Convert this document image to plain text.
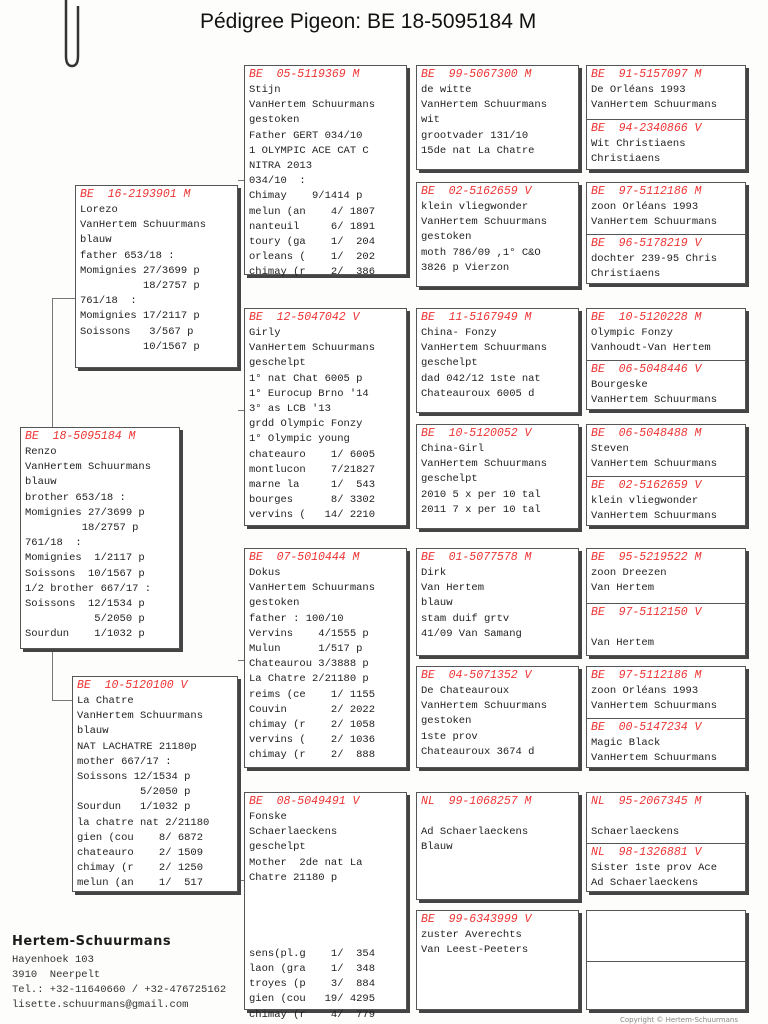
Pédigree Pigeon: BE 18-5095184 M
BE  18-5095184 M
Renzo
VanHertem Schuurmans
blauw
brother 653/18 :
Momignies 27/3699 p
18/2757 p
761/18  :
Momignies  1/2117 p
Soissons  10/1567 p
1/2 brother 667/17 :
Soissons  12/1534 p
5/2050 p
Sourdun    1/1032 p
BE  16-2193901 M
Lorezo
VanHertem Schuurmans
blauw
father 653/18 :
Momignies 27/3699 p
18/2757 p
761/18  :
Momignies 17/2117 p
Soissons   3/567 p
10/1567 p
BE  10-5120100 V
La Chatre
VanHertem Schuurmans
blauw
NAT LACHATRE 21180p
mother 667/17 :
Soissons 12/1534 p
5/2050 p
Sourdun   1/1032 p
la chatre nat 2/21180
gien (cou    8/ 6872
chateauro    2/ 1509
chimay (r    2/ 1250
melun (an    1/  517
BE  05-5119369 M
Stijn
VanHertem Schuurmans
gestoken
Father GERT 034/10
1 OLYMPIC ACE CAT C
NITRA 2013
034/10  :
Chimay    9/1414 p
melun (an    4/ 1807
nanteuil     6/ 1891
toury (ga    1/  204
orleans (    1/  202
chimay (r    2/  386
BE  12-5047042 V
Girly
VanHertem Schuurmans
geschelpt
1° nat Chat 6005 p
1° Eurocup Brno '14
3° as LCB '13
grdd Olympic Fonzy
1° Olympic young
chateauro    1/ 6005
montlucon    7/21827
marne la     1/  543
bourges      8/ 3302
vervins (   14/ 2210
BE  07-5010444 M
Dokus
VanHertem Schuurmans
gestoken
father : 100/10
Vervins    4/1555 p
Mulun      1/517 p
Chateaurou 3/3888 p
La Chatre 2/21180 p
reims (ce    1/ 1155
Couvin       2/ 2022
chimay (r    2/ 1058
vervins (    2/ 1036
chimay (r    2/  888
BE  08-5049491 V
Fonske
Schaerlaeckens
geschelpt
Mother  2de nat La
Chatre 21180 p

sens(pl.g    1/  354
laon (gra    1/  348
troyes (p    3/  884
gien (cou   19/ 4295
chimay (r    4/  779
BE  99-5067300 M
de witte
VanHertem Schuurmans
wit
grootvader 131/10
15de nat La Chatre
BE  02-5162659 V
klein vliegwonder
VanHertem Schuurmans
gestoken
moth 786/09 ,1° C&O
3826 p Vierzon
BE  11-5167949 M
China- Fonzy
VanHertem Schuurmans
geschelpt
dad 042/12 1ste nat
Chateauroux 6005 d
BE  10-5120052 V
China-Girl
VanHertem Schuurmans
geschelpt
2010 5 x per 10 tal
2011 7 x per 10 tal
BE  01-5077578 M
Dirk
Van Hertem
blauw
stam duif grtv
41/09 Van Samang
BE  04-5071352 V
De Chateauroux
VanHertem Schuurmans
gestoken
1ste prov
Chateauroux 3674 d
NL  99-1068257 M

Ad Schaerlaeckens
Blauw
BE  99-6343999 V
zuster Averechts
Van Leest-Peeters
BE  91-5157097 M
De Orléans 1993
VanHertem Schuurmans
BE  94-2340866 V
Wit Christiaens
Christiaens
BE  97-5112186 M
zoon Orléans 1993
VanHertem Schuurmans
BE  96-5178219 V
dochter 239-95 Chris
Christiaens
BE  10-5120228 M
Olympic Fonzy
Vanhoudt-Van Hertem
BE  06-5048446 V
Bourgeske
VanHertem Schuurmans
BE  06-5048488 M
Steven
VanHertem Schuurmans
BE  02-5162659 V
klein vliegwonder
VanHertem Schuurmans
BE  95-5219522 M
zoon Dreezen
Van Hertem
BE  97-5112150 V

Van Hertem
BE  97-5112186 M
zoon Orléans 1993
VanHertem Schuurmans
BE  00-5147234 V
Magic Black
VanHertem Schuurmans
NL  95-2067345 M

Schaerlaeckens
NL  98-1326881 V
Sister 1ste prov Ace
Ad Schaerlaeckens
Hertem-Schuurmans
Hayenhoek 103
3910  Neerpelt
Tel.: +32-11640660 / +32-476725162
lisette.schuurmans@gmail.com
Copyright © Hertem-Schuurmans
